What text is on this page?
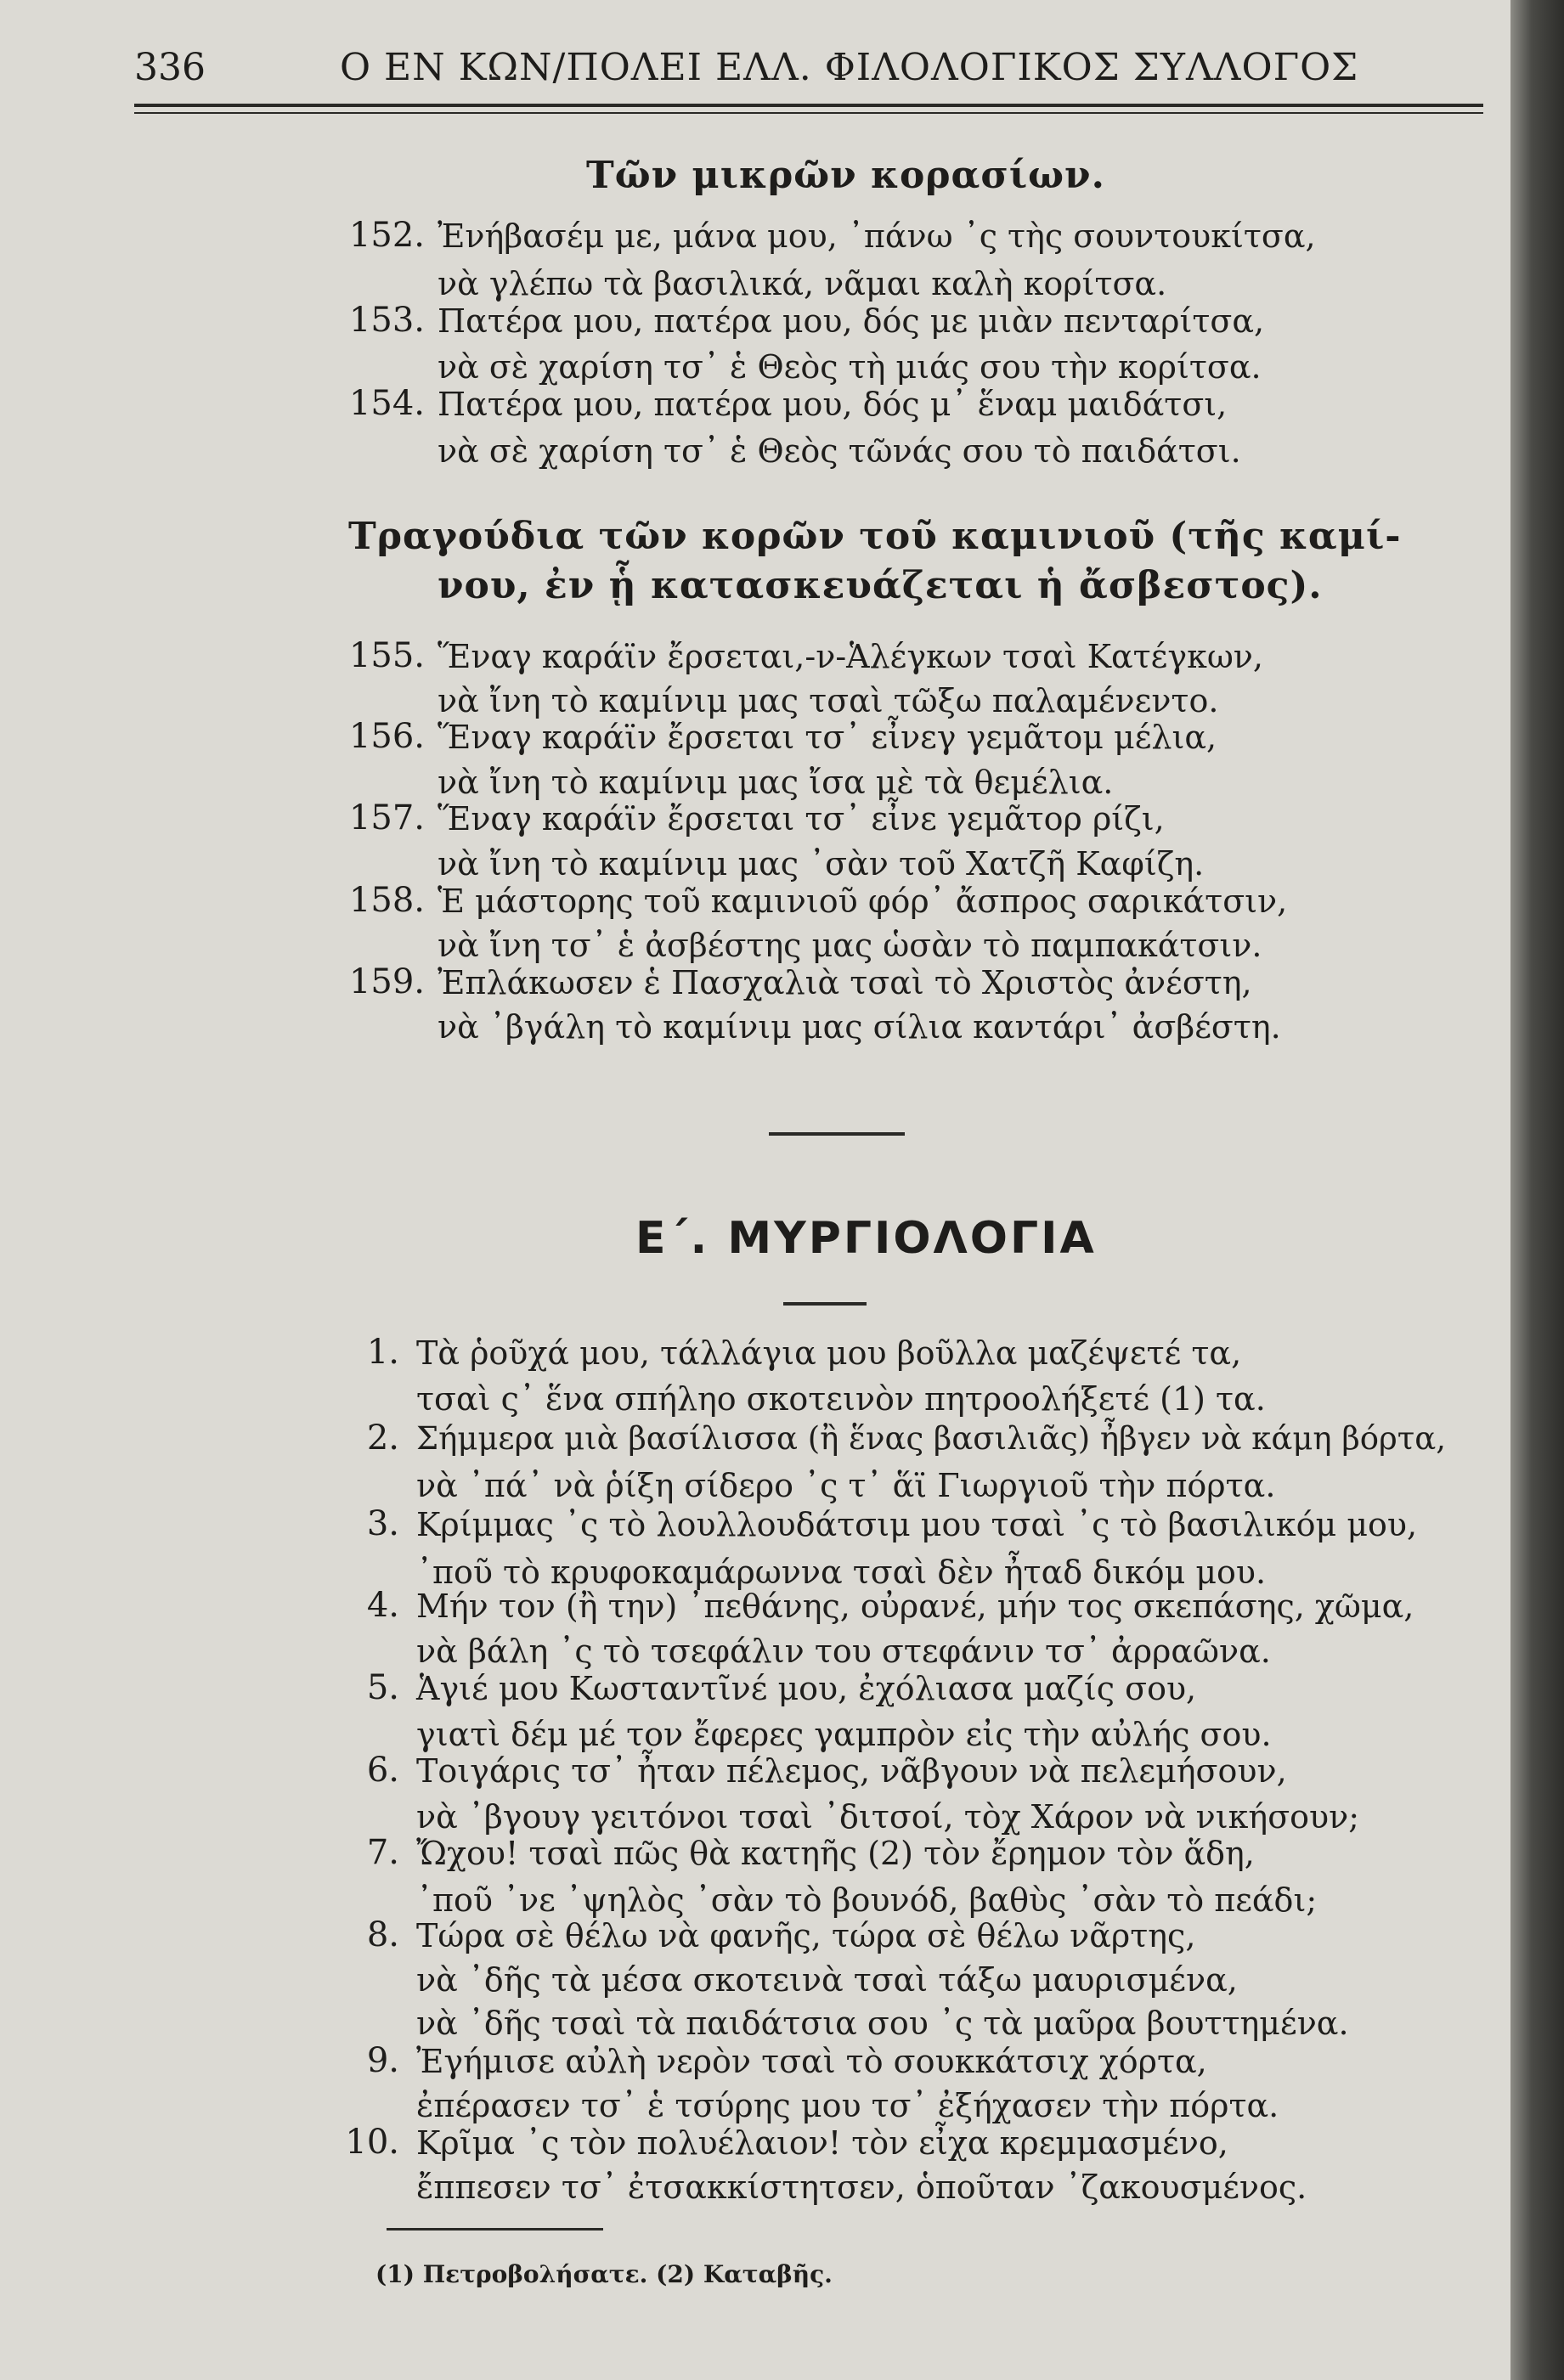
336	Ο ΕΝ ΚΩΝ/ΠΟΛΕΙ ΕΛΛ. ΦΙΛΟΛΟΓΙΚΟΣ ΣΥΛΛΟΓΟΣ
Τῶν μικρῶν κορασίων.
152. Ἐνήβασέμ με, μάνα μου, ᾽πάνω ᾽ς τὴς σουντουκίτσα,
νὰ γλέπω τὰ βασιλικά, νᾶμαι καλὴ κορίτσα.
153. Πατέρα μου, πατέρα μου, δός με μιὰν πενταρίτσα,
νὰ σὲ χαρίση τσ᾽ ἑ Θεὸς τὴ μιάς σου τὴν κορίτσα.
154. Πατέρα μου, πατέρα μου, δός μ᾽ ἕναμ μαιδάτσι,
νὰ σὲ χαρίση τσ᾽ ἑ Θεὸς τῶνάς σου τὸ παιδάτσι.
Τραγούδια τῶν κορῶν τοῦ καμινιοῦ (τῆς καμί-
νου, ἐν ᾗ κατασκευάζεται ἡ ἄσβεστος).
155. Ἕναγ καράϊν ἔρσεται,-ν-Ἁλέγκων τσαὶ Κατέγκων,
νὰ ἴνη τὸ καμίνιμ μας τσαὶ τῶξω παλαμένεντο.
156. Ἕναγ καράϊν ἔρσεται τσ᾽ εἶνεγ γεμᾶτομ μέλια,
νὰ ἴνη τὸ καμίνιμ μας ἴσα μὲ τὰ θεμέλια.
157. Ἕναγ καράϊν ἔρσεται τσ᾽ εἶνε γεμᾶτορ ρίζι,
νὰ ἴνη τὸ καμίνιμ μας ᾽σὰν τοῦ Χατζῆ Καφίζη.
158. Ἑ μάστορης τοῦ καμινιοῦ φόρ᾽ ἄσπρος σαρικάτσιν,
νὰ ἴνη τσ᾽ ἑ ἀσβέστης μας ὡσὰν τὸ παμπακάτσιν.
159. Ἐπλάκωσεν ἑ Πασχαλιὰ τσαὶ τὸ Χριστὸς ἀνέστη,
νὰ ᾽βγάλη τὸ καμίνιμ μας σίλια καντάρι᾽ ἀσβέστη.
Ε΄. ΜΥΡΓΙΟΛΟΓΙΑ
1. Τὰ ῥοῦχά μου, τάλλάγια μου βοῦλλα μαζέψετέ τα,
τσαὶ ς᾽ ἕνα σπήληο σκοτεινὸν πητροολήξετέ (1) τα.
2. Σήμμερα μιὰ βασίλισσα (ἢ ἕνας βασιλιᾶς) ἦβγεν νὰ κάμη βόρτα,
νὰ ᾽πά᾽ νὰ ῥίξη σίδερο ᾽ς τ᾽ ἅϊ Γιωργιοῦ τὴν πόρτα.
3. Κρίμμας ᾽ς τὸ λουλλουδάτσιμ μου τσαὶ ᾽ς τὸ βασιλικόμ μου,
᾽ποῦ τὸ κρυφοκαμάρωννα τσαὶ δὲν ἦταδ δικόμ μου.
4. Μήν τον (ἢ την) ᾽πεθάνης, οὐρανέ, μήν τος σκεπάσης, χῶμα,
νὰ βάλη ᾽ς τὸ τσεφάλιν του στεφάνιν τσ᾽ ἀρραῶνα.
5. Ἁγιέ μου Κωσταντῖνέ μου, ἐχόλιασα μαζίς σου,
γιατὶ δέμ μέ τον ἔφερες γαμπρὸν εἰς τὴν αὐλής σου.
6. Τοιγάρις τσ᾽ ἦταν πέλεμος, νᾶβγουν νὰ πελεμήσουν,
νὰ ᾽βγουγ γειτόνοι τσαὶ ᾽διτσοί, τὸχ Χάρον νὰ νικήσουν;
7. Ὤχου! τσαὶ πῶς θὰ κατηῆς (2) τὸν ἔρημον τὸν ἅδη,
᾽ποῦ ᾽νε ᾽ψηλὸς ᾽σὰν τὸ βουνόδ, βαθὺς ᾽σὰν τὸ πεάδι;
8. Τώρα σὲ θέλω νὰ φανῆς, τώρα σὲ θέλω νᾶρτης,
νὰ ᾽δῆς τὰ μέσα σκοτεινὰ τσαὶ τάξω μαυρισμένα,
νὰ ᾽δῆς τσαὶ τὰ παιδάτσια σου ᾽ς τὰ μαῦρα βουττημένα.
9. Ἐγήμισε αὐλὴ νερὸν τσαὶ τὸ σουκκάτσιχ χόρτα,
ἐπέρασεν τσ᾽ ἑ τσύρης μου τσ᾽ ἐξήχασεν τὴν πόρτα.
10. Κρῖμα ᾽ς τὸν πολυέλαιον! τὸν εἶχα κρεμμασμένο,
ἔππεσεν τσ᾽ ἐτσακκίστητσεν, ὁποῦταν ᾽ζακουσμένος.
(1) Πετροβολήσατε. (2) Καταβῆς.
